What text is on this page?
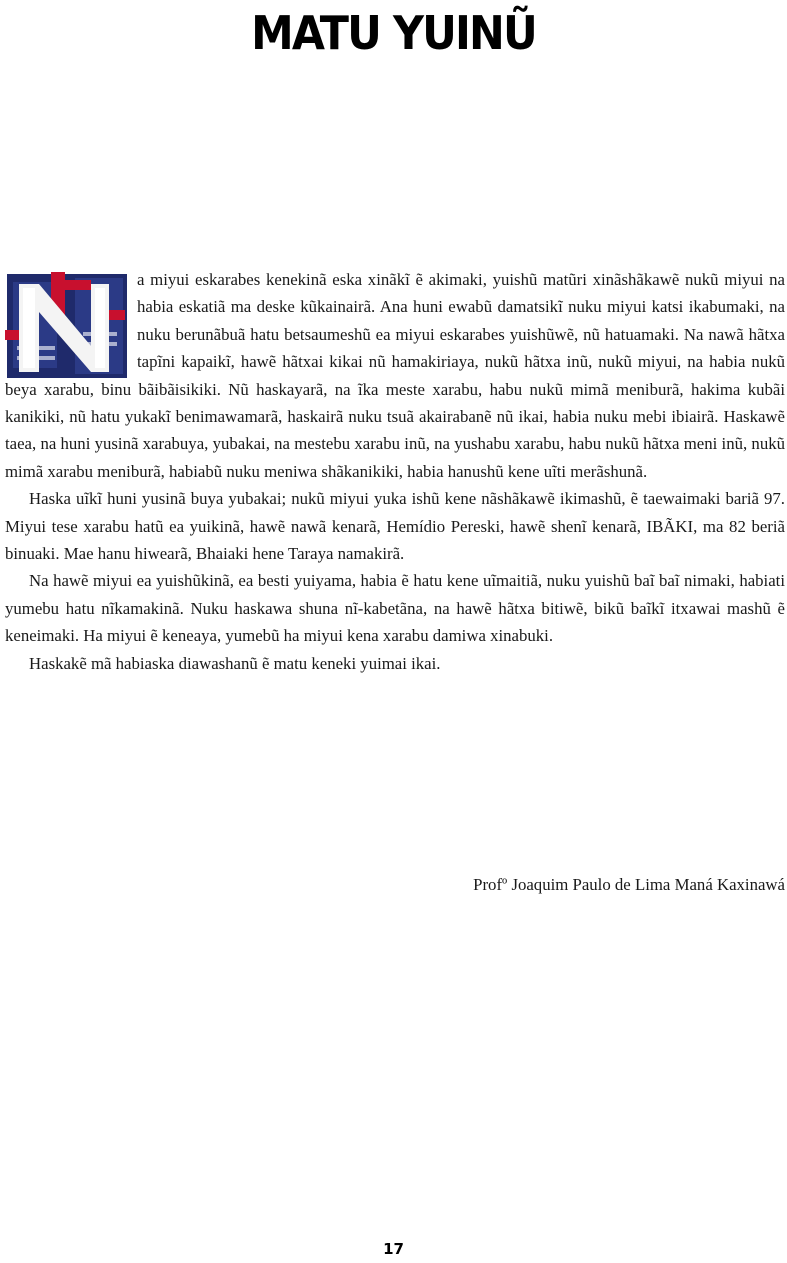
MATU YUINŨ

a miyui eskarabes kenekinã eska xinãkĩ ẽ akimaki, yuishũ matũri xinãshãkawẽ nukũ miyui na habia eskatiã ma deske kũkainairã. Ana huni ewabũ damatsikĩ nuku miyui katsi ikabumaki, na nuku berunãbuã hatu betsaumeshũ ea miyui eskarabes yuishũwẽ, nũ hatuamaki. Na nawã hãtxa tapĩni kapaikĩ, hawẽ hãtxai kikai nũ hamakiriaya, nukũ hãtxa inũ, nukũ miyui, na habia nukũ beya xarabu, binu bãibãisikiki. Nũ haskayarã, na ĩka meste xarabu, habu nukũ mimã meniburã, hakima kubãi kanikiki, nũ hatu yukakĩ benimawamarã, haskairã nuku tsuã akairabanẽ nũ ikai, habia nuku mebi ibiairã. Haskawẽ taea, na huni yusinã xarabuya, yubakai, na mestebu xarabu inũ, na yushabu xarabu, habu nukũ hãtxa meni inũ, nukũ mimã xarabu meniburã, habiabũ nuku meniwa shãkanikiki, habia hanushũ kene uĩti merãshunã.

Haska uĩkĩ huni yusinã buya yubakai; nukũ miyui yuka ishũ kene nãshãkawẽ ikimashũ, ẽ taewaimaki bariã 97. Miyui tese xarabu hatũ ea yuikinã, hawẽ nawã kenarã, Hemídio Pereski, hawẽ shenĩ kenarã, IBÃKI, ma 82 beriã binuaki. Mae hanu hiwearã, Bhaiaki hene Taraya namakirã.

Na hawẽ miyui ea yuishũkinã, ea besti yuiyama, habia ẽ hatu kene uĩmaitiã, nuku yuishũ baĩ baĩ nimaki, habiati yumebu hatu nĩkamakinã. Nuku haskawa shuna nĩ-kabetãna, na hawẽ hãtxa bitiwẽ, bikũ baĩkĩ itxawai mashũ ẽ keneimaki. Ha miyui ẽ keneaya, yumebũ ha miyui kena xarabu damiwa xinabuki.

Haskakẽ mã habiaska diawashanũ ẽ matu keneki yuimai ikai.

Profº Joaquim Paulo de Lima Maná Kaxinawá
17
